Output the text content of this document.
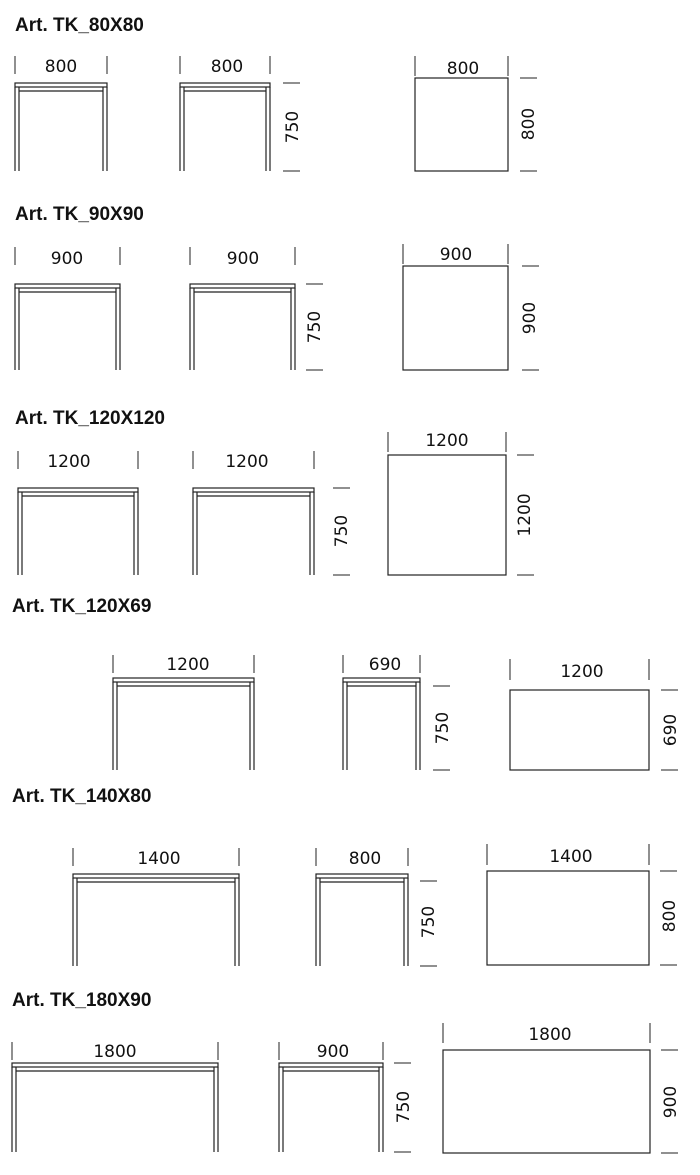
Art. TK_80X80
800	800
750
800
800
Art. TK_90X90
900	900
750
900
900
Art. TK_120X120
1200	1200
750
1200
1200
Art. TK_120X69
1200	690
750
1200
690
Art. TK_140X80
1400	800
750
1400
800
Art. TK_180X90
1800	900
750
1800
900
